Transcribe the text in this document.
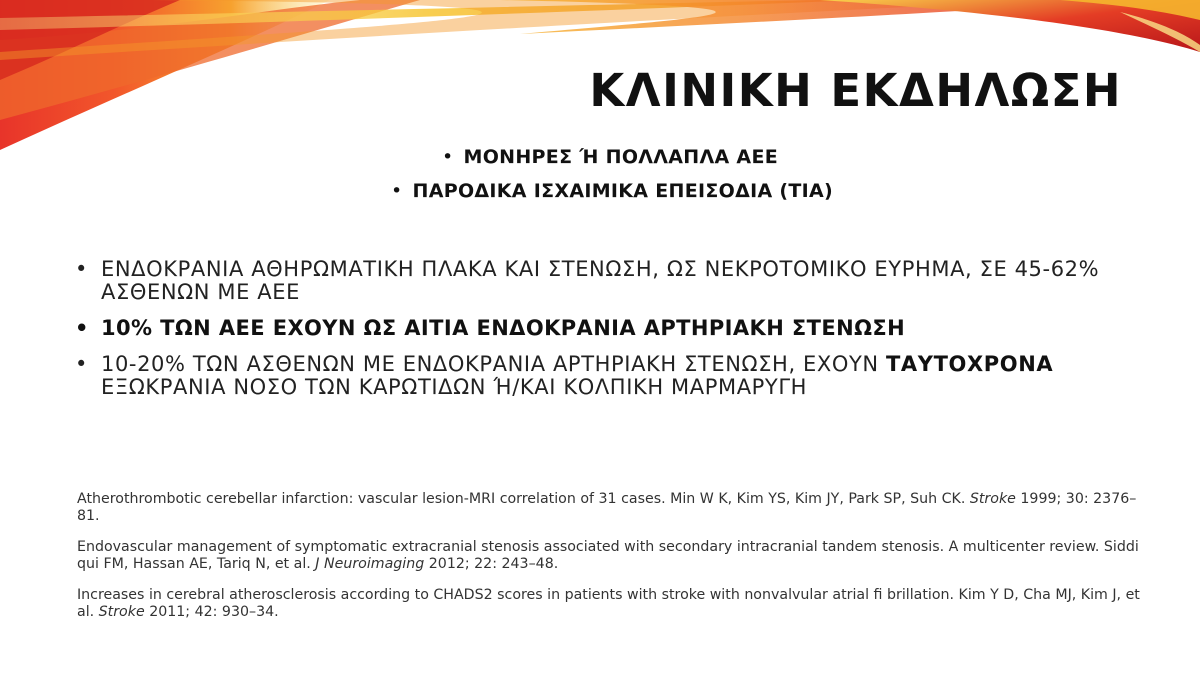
ΚΛΙΝΙΚΗ ΕΚΔΗΛΩΣΗ
• ΜΟΝΗΡΕΣ Ή ΠΟΛΛΑΠΛΑ ΑΕΕ
• ΠΑΡΟΔΙΚΑ ΙΣΧΑΙΜΙΚΑ ΕΠΕΙΣΟΔΙΑ (TIA)
• ΕΝΔΟΚΡΑΝΙΑ ΑΘΗΡΩΜΑΤΙΚΗ ΠΛΑΚΑ ΚΑΙ ΣΤΕΝΩΣΗ, ΩΣ ΝΕΚΡΟΤΟΜΙΚΟ ΕΥΡΗΜΑ, ΣΕ 45-62% ΑΣΘΕΝΩΝ ΜΕ ΑΕΕ
• 10% ΤΩΝ ΑΕΕ ΕΧΟΥΝ ΩΣ ΑΙΤΙΑ ΕΝΔΟΚΡΑΝΙΑ ΑΡΤΗΡΙΑΚΗ ΣΤΕΝΩΣΗ
• 10-20% ΤΩΝ ΑΣΘΕΝΩΝ ΜΕ ΕΝΔΟΚΡΑΝΙΑ ΑΡΤΗΡΙΑΚΗ ΣΤΕΝΩΣΗ, ΕΧΟΥΝ ΤΑΥΤΟΧΡΟΝΑ ΕΞΩΚΡΑΝΙΑ ΝΟΣΟ ΤΩΝ ΚΑΡΩΤΙΔΩΝ Ή/ΚΑΙ ΚΟΛΠΙΚΗ ΜΑΡΜΑΡΥΓΗ

Atherothrombotic cerebellar infarction: vascular lesion-MRI correlation of 31 cases. Min W K, Kim YS, Kim JY, Park SP, Suh CK. Stroke 1999; 30: 2376–81.

Endovascular management of symptomatic extracranial stenosis associated with secondary intracranial tandem stenosis. A multicenter review. Siddi qui FM, Hassan AE, Tariq N, et al. J Neuroimaging 2012; 22: 243–48.

Increases in cerebral atherosclerosis according to CHADS2 scores in patients with stroke with nonvalvular atrial fi brillation. Kim Y D, Cha MJ, Kim J, et al. Stroke 2011; 42: 930–34.
